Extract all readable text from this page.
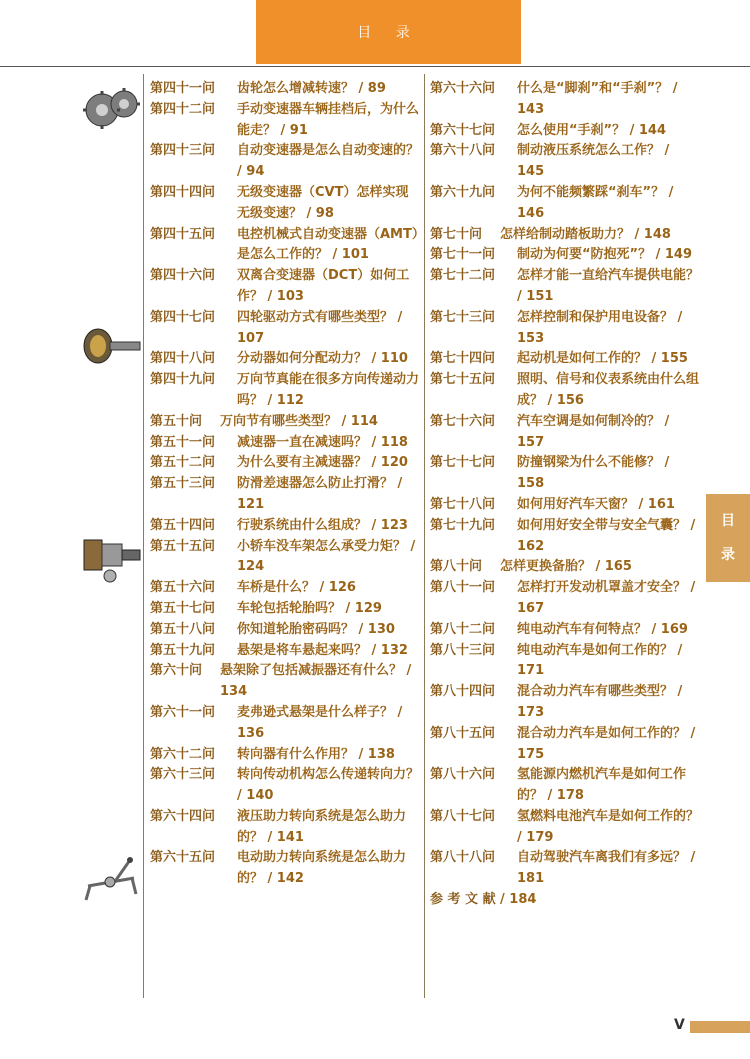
目 录
第四十一问	齿轮怎么增减转速？ / 89
第四十二问	手动变速器车辆挂档后，为什么能走？ / 91
第四十三问	自动变速器是怎么自动变速的？ / 94
第四十四问	无级变速器（CVT）怎样实现无级变速？ / 98
第四十五问	电控机械式自动变速器（AMT）是怎么工作的？ / 101
第四十六问	双离合变速器（DCT）如何工作？ / 103
第四十七问	四轮驱动方式有哪些类型？ / 107
第四十八问	分动器如何分配动力？ / 110
第四十九问	万向节真能在很多方向传递动力吗？ / 112
第五十问	万向节有哪些类型？ / 114
第五十一问	减速器一直在减速吗？ / 118
第五十二问	为什么要有主减速器？ / 120
第五十三问	防滑差速器怎么防止打滑？ / 121
第五十四问	行驶系统由什么组成？ / 123
第五十五问	小轿车没车架怎么承受力矩？ / 124
第五十六问	车桥是什么？ / 126
第五十七问	车轮包括轮胎吗？ / 129
第五十八问	你知道轮胎密码吗？ / 130
第五十九问	悬架是将车悬起来吗？ / 132
第六十问	悬架除了包括减振器还有什么？ / 134
第六十一问	麦弗逊式悬架是什么样子？ / 136
第六十二问	转向器有什么作用？ / 138
第六十三问	转向传动机构怎么传递转向力？ / 140
第六十四问	液压助力转向系统是怎么助力的？ / 141
第六十五问	电动助力转向系统是怎么助力的？ / 142
第六十六问	什么是“脚刹”和“手刹”？ / 143
第六十七问	怎么使用“手刹”？ / 144
第六十八问	制动液压系统怎么工作？ / 145
第六十九问	为何不能频繁踩“刹车”？ / 146
第七十问	怎样给制动踏板助力？ / 148
第七十一问	制动为何要“防抱死”？ / 149
第七十二问	怎样才能一直给汽车提供电能？ / 151
第七十三问	怎样控制和保护用电设备？ / 153
第七十四问	起动机是如何工作的？ / 155
第七十五问	照明、信号和仪表系统由什么组成？ / 156
第七十六问	汽车空调是如何制冷的？ / 157
第七十七问	防撞钢梁为什么不能修？ / 158
第七十八问	如何用好汽车天窗？ / 161
第七十九问	如何用好安全带与安全气囊？ / 162
第八十问	怎样更换备胎？ / 165
第八十一问	怎样打开发动机罩盖才安全？ / 167
第八十二问	纯电动汽车有何特点？ / 169
第八十三问	纯电动汽车是如何工作的？ / 171
第八十四问	混合动力汽车有哪些类型？ / 173
第八十五问	混合动力汽车是如何工作的？ / 175
第八十六问	氢能源内燃机汽车是如何工作的？ / 178
第八十七问	氢燃料电池汽车是如何工作的？ / 179
第八十八问	自动驾驶汽车离我们有多远？ / 181
参 考 文 献 / 184
目
录
V
